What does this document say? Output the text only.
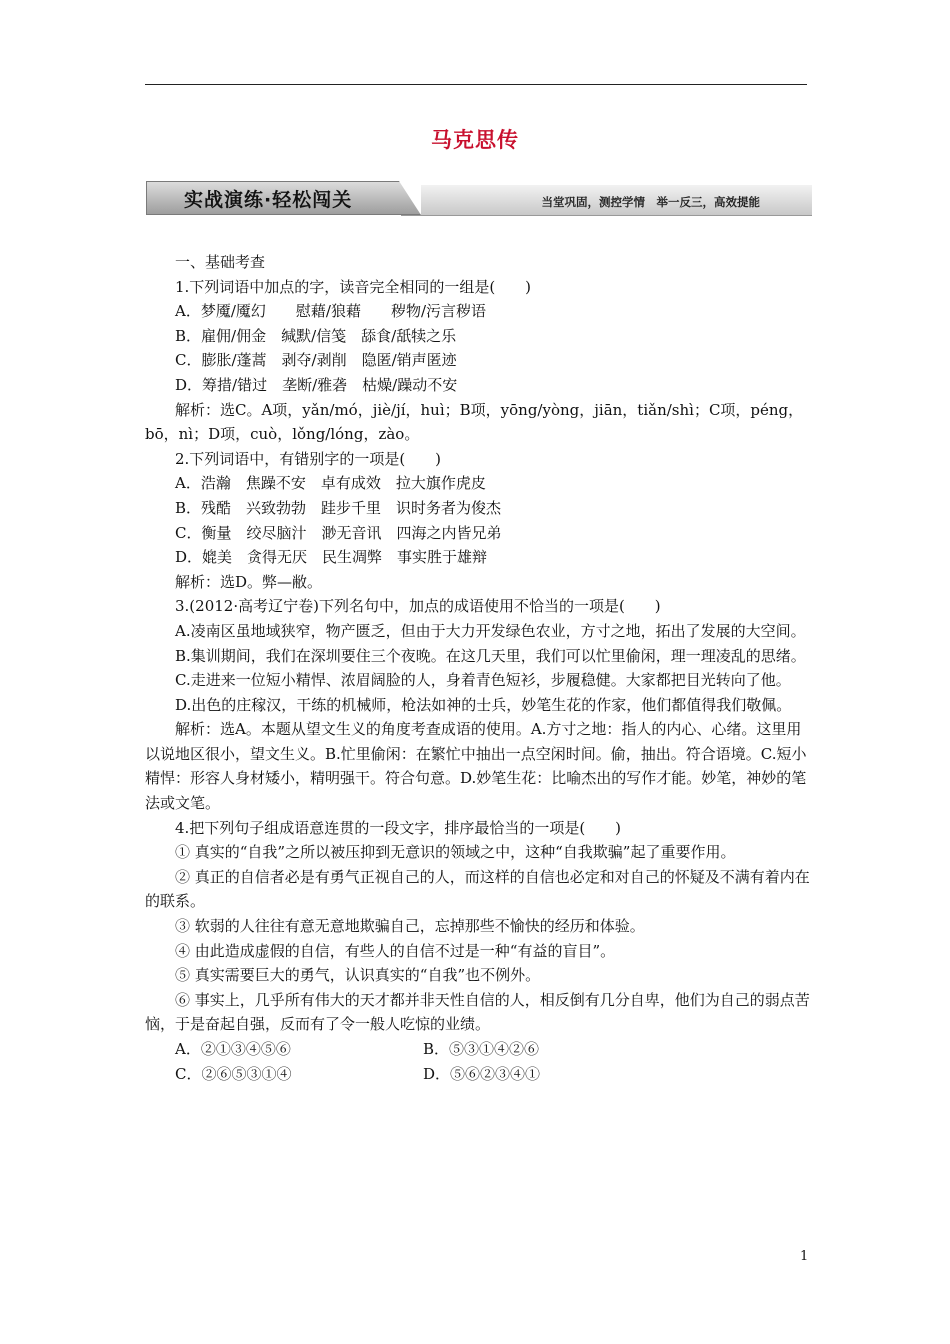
马克思传
当堂巩固，测控学情　举一反三，高效提能
实战演练·轻松闯关

一、基础考查

1.下列词语中加点的字，读音完全相同的一组是(　　)

A．梦魇/魇幻　　慰藉/狼藉　　秽物/污言秽语

B．雇佣/佣金　缄默/信笺　舔食/舐犊之乐

C．膨胀/蓬蒿　剥夺/剥削　隐匿/销声匿迹

D．筹措/错过　垄断/雅砻　枯燥/躁动不安

解析：选C。A项，yǎn/mó，jiè/jí，huì；B项，yōng/yòng，jiān，tiǎn/shì；C项，péng，bō，nì；D项，cuò，lǒng/lóng，zào。

2.下列词语中，有错别字的一项是(　　)

A．浩瀚　焦躁不安　卓有成效　拉大旗作虎皮

B．残酷　兴致勃勃　跬步千里　识时务者为俊杰

C．衡量　绞尽脑汁　渺无音讯　四海之内皆兄弟

D．媲美　贪得无厌　民生凋弊　事实胜于雄辩

解析：选D。弊—敝。

3.(2012·高考辽宁卷)下列名句中，加点的成语使用不恰当的一项是(　　)

A.凌南区虽地域狭窄，物产匮乏，但由于大力开发绿色农业，方寸之地，拓出了发展的大空间。

B.集训期间，我们在深圳要住三个夜晚。在这几天里，我们可以忙里偷闲，理一理凌乱的思绪。

C.走进来一位短小精悍、浓眉阔脸的人，身着青色短衫，步履稳健。大家都把目光转向了他。

D.出色的庄稼汉，干练的机械师，枪法如神的士兵，妙笔生花的作家，他们都值得我们敬佩。

解析：选A。本题从望文生义的角度考查成语的使用。A.方寸之地：指人的内心、心绪。这里用以说地区很小，望文生义。B.忙里偷闲：在繁忙中抽出一点空闲时间。偷，抽出。符合语境。C.短小精悍：形容人身材矮小，精明强干。符合句意。D.妙笔生花：比喻杰出的写作才能。妙笔，神妙的笔法或文笔。

4.把下列句子组成语意连贯的一段文字，排序最恰当的一项是(　　)

① 真实的“自我”之所以被压抑到无意识的领域之中，这种“自我欺骗”起了重要作用。

② 真正的自信者必是有勇气正视自己的人，而这样的自信也必定和对自己的怀疑及不满有着内在的联系。

③ 软弱的人往往有意无意地欺骗自己，忘掉那些不愉快的经历和体验。

④ 由此造成虚假的自信，有些人的自信不过是一种“有益的盲目”。

⑤ 真实需要巨大的勇气，认识真实的“自我”也不例外。

⑥ 事实上，几乎所有伟大的天才都并非天性自信的人，相反倒有几分自卑，他们为自己的弱点苦恼，于是奋起自强，反而有了令一般人吃惊的业绩。

A．②①③④⑤⑥	B．⑤③①④②⑥
C．②⑥⑤③①④	D．⑤⑥②③④①
1
